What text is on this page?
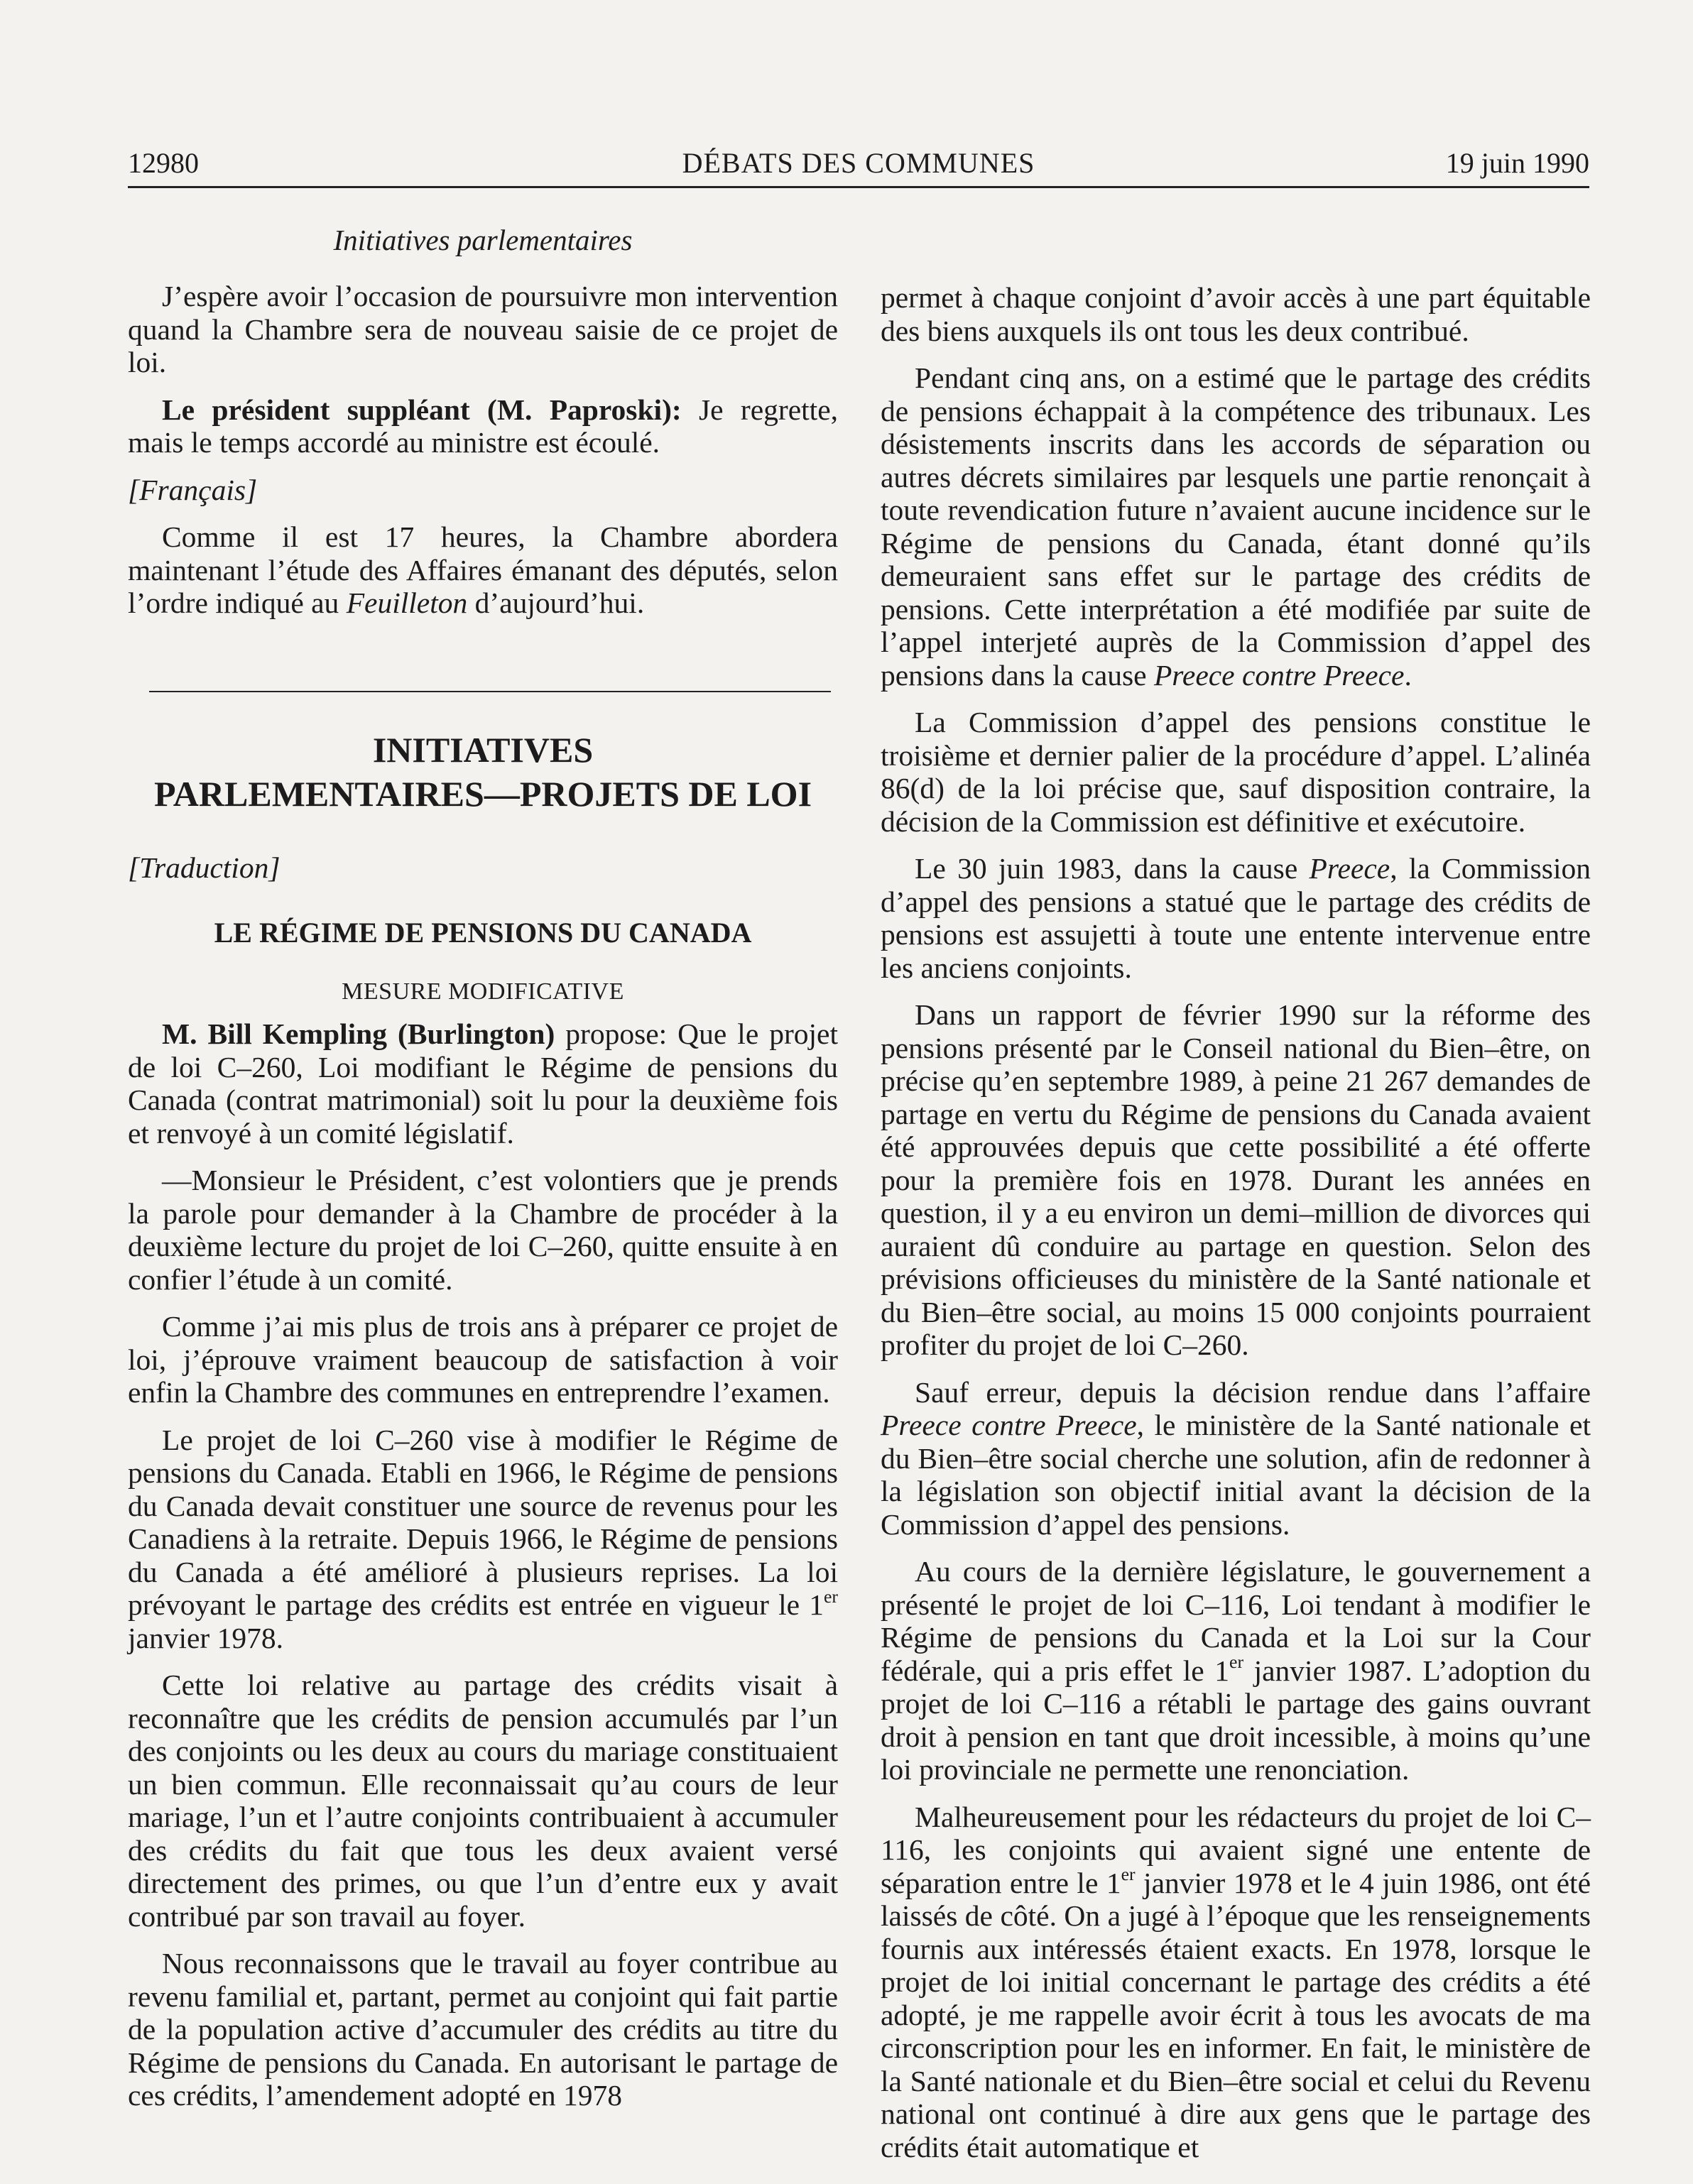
12980	DÉBATS DES COMMUNES	19 juin 1990
Initiatives parlementaires

J’espère avoir l’occasion de poursuivre mon intervention quand la Chambre sera de nouveau saisie de ce projet de loi.

Le président suppléant (M. Paproski): Je regrette, mais le temps accordé au ministre est écoulé.

[Français]

Comme il est 17 heures, la Chambre abordera maintenant l’étude des Affaires émanant des députés, selon l’ordre indiqué au Feuilleton d’aujourd’hui.

INITIATIVES
PARLEMENTAIRES—PROJETS DE LOI
[Traduction]
LE RÉGIME DE PENSIONS DU CANADA
MESURE MODIFICATIVE

M. Bill Kempling (Burlington) propose: Que le projet de loi C–260, Loi modifiant le Régime de pensions du Canada (contrat matrimonial) soit lu pour la deuxième fois et renvoyé à un comité législatif.

—Monsieur le Président, c’est volontiers que je prends la parole pour demander à la Chambre de procéder à la deuxième lecture du projet de loi C–260, quitte ensuite à en confier l’étude à un comité.

Comme j’ai mis plus de trois ans à préparer ce projet de loi, j’éprouve vraiment beaucoup de satisfaction à voir enfin la Chambre des communes en entreprendre l’examen.

Le projet de loi C–260 vise à modifier le Régime de pensions du Canada. Etabli en 1966, le Régime de pensions du Canada devait constituer une source de revenus pour les Canadiens à la retraite. Depuis 1966, le Régime de pensions du Canada a été amélioré à plusieurs reprises. La loi prévoyant le partage des crédits est entrée en vigueur le 1er janvier 1978.

Cette loi relative au partage des crédits visait à reconnaître que les crédits de pension accumulés par l’un des conjoints ou les deux au cours du mariage constituaient un bien commun. Elle reconnaissait qu’au cours de leur mariage, l’un et l’autre conjoints contribuaient à accumuler des crédits du fait que tous les deux avaient versé directement des primes, ou que l’un d’entre eux y avait contribué par son travail au foyer.

Nous reconnaissons que le travail au foyer contribue au revenu familial et, partant, permet au conjoint qui fait partie de la population active d’accumuler des crédits au titre du Régime de pensions du Canada. En autorisant le partage de ces crédits, l’amendement adopté en 1978

permet à chaque conjoint d’avoir accès à une part équitable des biens auxquels ils ont tous les deux contribué.

Pendant cinq ans, on a estimé que le partage des crédits de pensions échappait à la compétence des tribunaux. Les désistements inscrits dans les accords de séparation ou autres décrets similaires par lesquels une partie renonçait à toute revendication future n’avaient aucune incidence sur le Régime de pensions du Canada, étant donné qu’ils demeuraient sans effet sur le partage des crédits de pensions. Cette interprétation a été modifiée par suite de l’appel interjeté auprès de la Commission d’appel des pensions dans la cause Preece contre Preece.

La Commission d’appel des pensions constitue le troisième et dernier palier de la procédure d’appel. L’alinéa 86(d) de la loi précise que, sauf disposition contraire, la décision de la Commission est définitive et exécutoire.

Le 30 juin 1983, dans la cause Preece, la Commission d’appel des pensions a statué que le partage des crédits de pensions est assujetti à toute une entente intervenue entre les anciens conjoints.

Dans un rapport de février 1990 sur la réforme des pensions présenté par le Conseil national du Bien–être, on précise qu’en septembre 1989, à peine 21 267 demandes de partage en vertu du Régime de pensions du Canada avaient été approuvées depuis que cette possibilité a été offerte pour la première fois en 1978. Durant les années en question, il y a eu environ un demi–million de divorces qui auraient dû conduire au partage en question. Selon des prévisions officieuses du ministère de la Santé nationale et du Bien–être social, au moins 15 000 conjoints pourraient profiter du projet de loi C–260.

Sauf erreur, depuis la décision rendue dans l’affaire Preece contre Preece, le ministère de la Santé nationale et du Bien–être social cherche une solution, afin de redonner à la législation son objectif initial avant la décision de la Commission d’appel des pensions.

Au cours de la dernière législature, le gouvernement a présenté le projet de loi C–116, Loi tendant à modifier le Régime de pensions du Canada et la Loi sur la Cour fédérale, qui a pris effet le 1er janvier 1987. L’adoption du projet de loi C–116 a rétabli le partage des gains ouvrant droit à pension en tant que droit incessible, à moins qu’une loi provinciale ne permette une renonciation.

Malheureusement pour les rédacteurs du projet de loi C–116, les conjoints qui avaient signé une entente de séparation entre le 1er janvier 1978 et le 4 juin 1986, ont été laissés de côté. On a jugé à l’époque que les renseignements fournis aux intéressés étaient exacts. En 1978, lorsque le projet de loi initial concernant le partage des crédits a été adopté, je me rappelle avoir écrit à tous les avocats de ma circonscription pour les en informer. En fait, le ministère de la Santé nationale et du Bien–être social et celui du Revenu national ont continué à dire aux gens que le partage des crédits était automatique et
